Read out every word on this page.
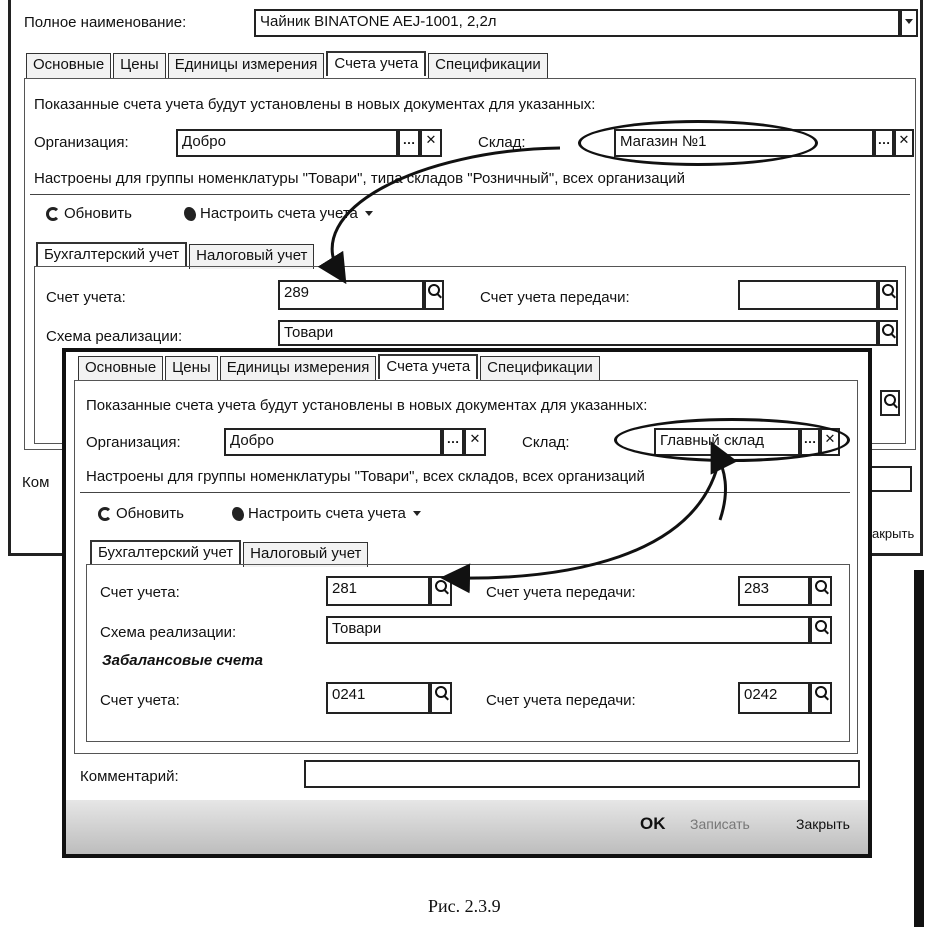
Полное наименование:	Чайник BINATONE AEJ-1001, 2,2л
Основные	Цены	Единицы измерения	Счета учета	Спецификации
Показанные счета учета будут установлены в новых документах для указанных:
Организация:	Добро	… ✕	Склад:	Магазин №1	… ✕
Настроены для группы номенклатуры "Товари", типа складов "Розничный", всех организаций
Обновить	Настроить счета учета
Бухгалтерский учет	Налоговый учет
Счет учета:	289	Счет учета передачи:
Схема реализации:	Товари
Ком
акрыть
Основные	Цены	Единицы измерения	Счета учета	Спецификации
Показанные счета учета будут установлены в новых документах для указанных:
Организация:	Добро	… ✕	Склад:	Главный склад	… ✕
Настроены для группы номенклатуры "Товари", всех складов, всех организаций
Обновить	Настроить счета учета
Бухгалтерский учет	Налоговый учет
Счет учета:	281	Счет учета передачи:	283
Схема реализации:	Товари
Забалансовые счета
Счет учета:	0241	Счет учета передачи:	0242
Комментарий:
OK Записать	Закрыть
Рис. 2.3.9
